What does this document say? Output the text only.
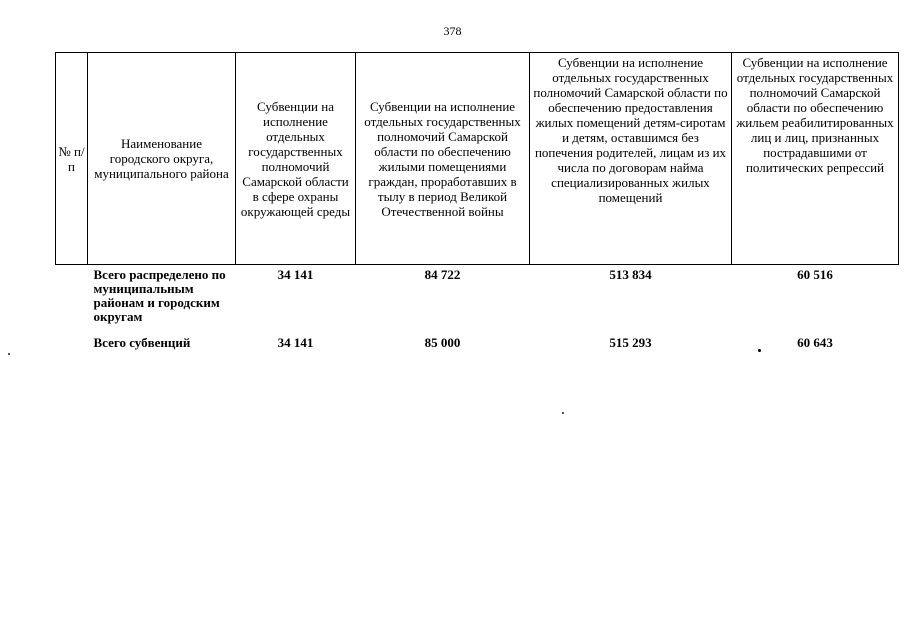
378
№ п/п	Наименование городского округа, муниципального района	Субвенции на исполнение отдельных государственных полномочий Самарской области в сфере охраны окружающей среды	Субвенции на исполнение отдельных государственных полномочий Самарской области по обеспечению жилыми помещениями граждан, проработавших в тылу в период Великой Отечественной войны	Субвенции на исполнение отдельных государственных полномочий Самарской области по обеспечению предоставления жилых помещений детям-сиротам и детям, оставшимся без попечения родителей, лицам из их числа по договорам найма специализированных жилых помещений	Субвенции на исполнение отдельных государственных полномочий Самарской области по обеспечению жильем реабилитированных лиц и лиц, признанных пострадавшими от политических репрессий
	Всего распределено по муниципальным районам и городским округам	34 141	84 722	513 834	60 516
	Всего субвенций	34 141	85 000	515 293	60 643
